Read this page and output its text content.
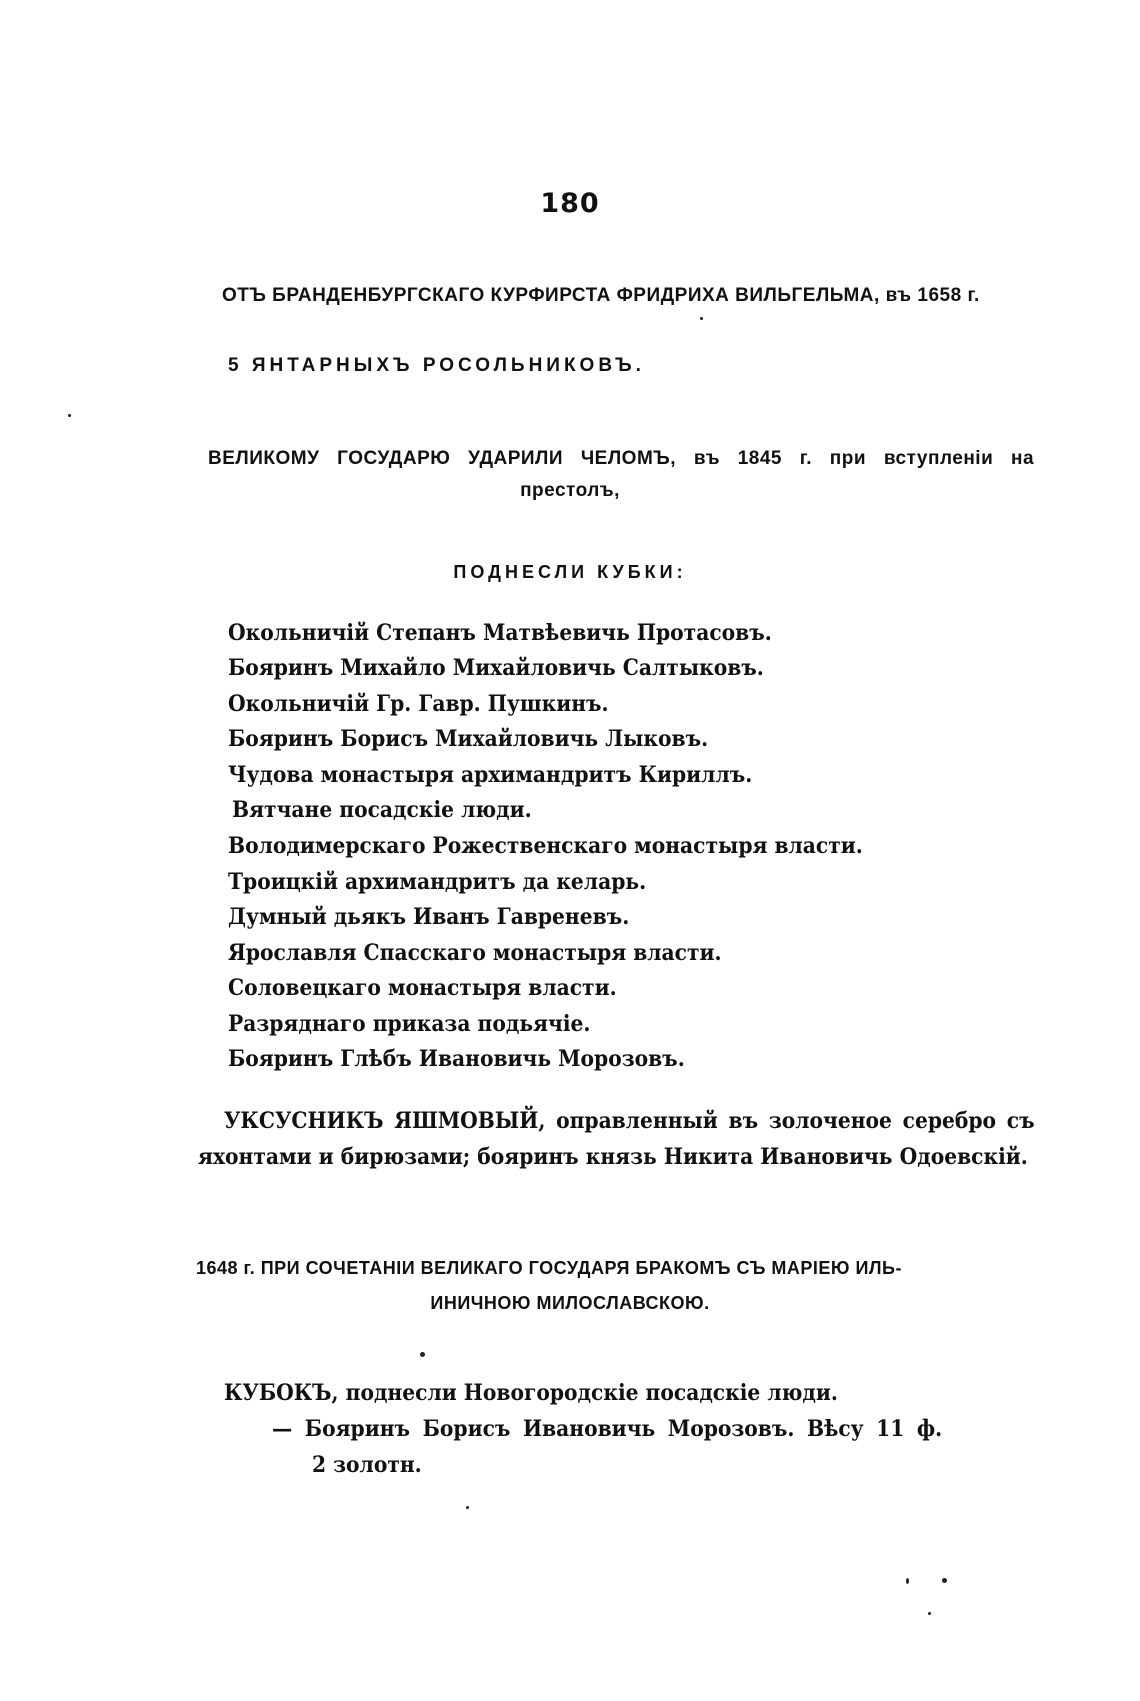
180
ОТЪ БРАНДЕНБУРГСКАГО КУРФИРСТА ФРИДРИХА ВИЛЬГЕЛЬМА, въ 1658 г.
5 ЯНТАРНЫХЪ РОСОЛЬНИКОВЪ.
ВЕЛИКОМУ ГОСУДАРЮ УДАРИЛИ ЧЕЛОМЪ, въ 1845 г. при вступленіи на
престолъ,
ПОДНЕСЛИ КУБКИ:
Окольничій Степанъ Матвѣевичь Протасовъ.
Бояринъ Михайло Михайловичь Салтыковъ.
Окольничій Гр. Гавр. Пушкинъ.
Бояринъ Борисъ Михайловичь Лыковъ.
Чудова монастыря архимандритъ Кириллъ.
Вятчане посадскіе люди.
Володимерскаго Рожественскаго монастыря власти.
Троицкій архимандритъ да келарь.
Думный дьякъ Иванъ Гавреневъ.
Ярославля Спасскаго монастыря власти.
Соловецкаго монастыря власти.
Разряднаго приказа подьячіе.
Бояринъ Глѣбъ Ивановичь Морозовъ.
УКСУСНИКЪ ЯШМОВЫЙ, оправленный въ золоченое серебро съ
яхонтами и бирюзами; бояринъ князь Никита Ивановичь Одоевскій.
1648 г. ПРИ СОЧЕТАНІИ ВЕЛИКАГО ГОСУДАРЯ БРАКОМЪ СЪ МАРІЕЮ ИЛЬ-
ИНИЧНОЮ МИЛОСЛАВСКОЮ.
КУБОКЪ, поднесли Новогородскіе посадскіе люди.
— Бояринъ Борисъ Ивановичь Морозовъ. Вѣсу 11 ф.
2 золотн.
